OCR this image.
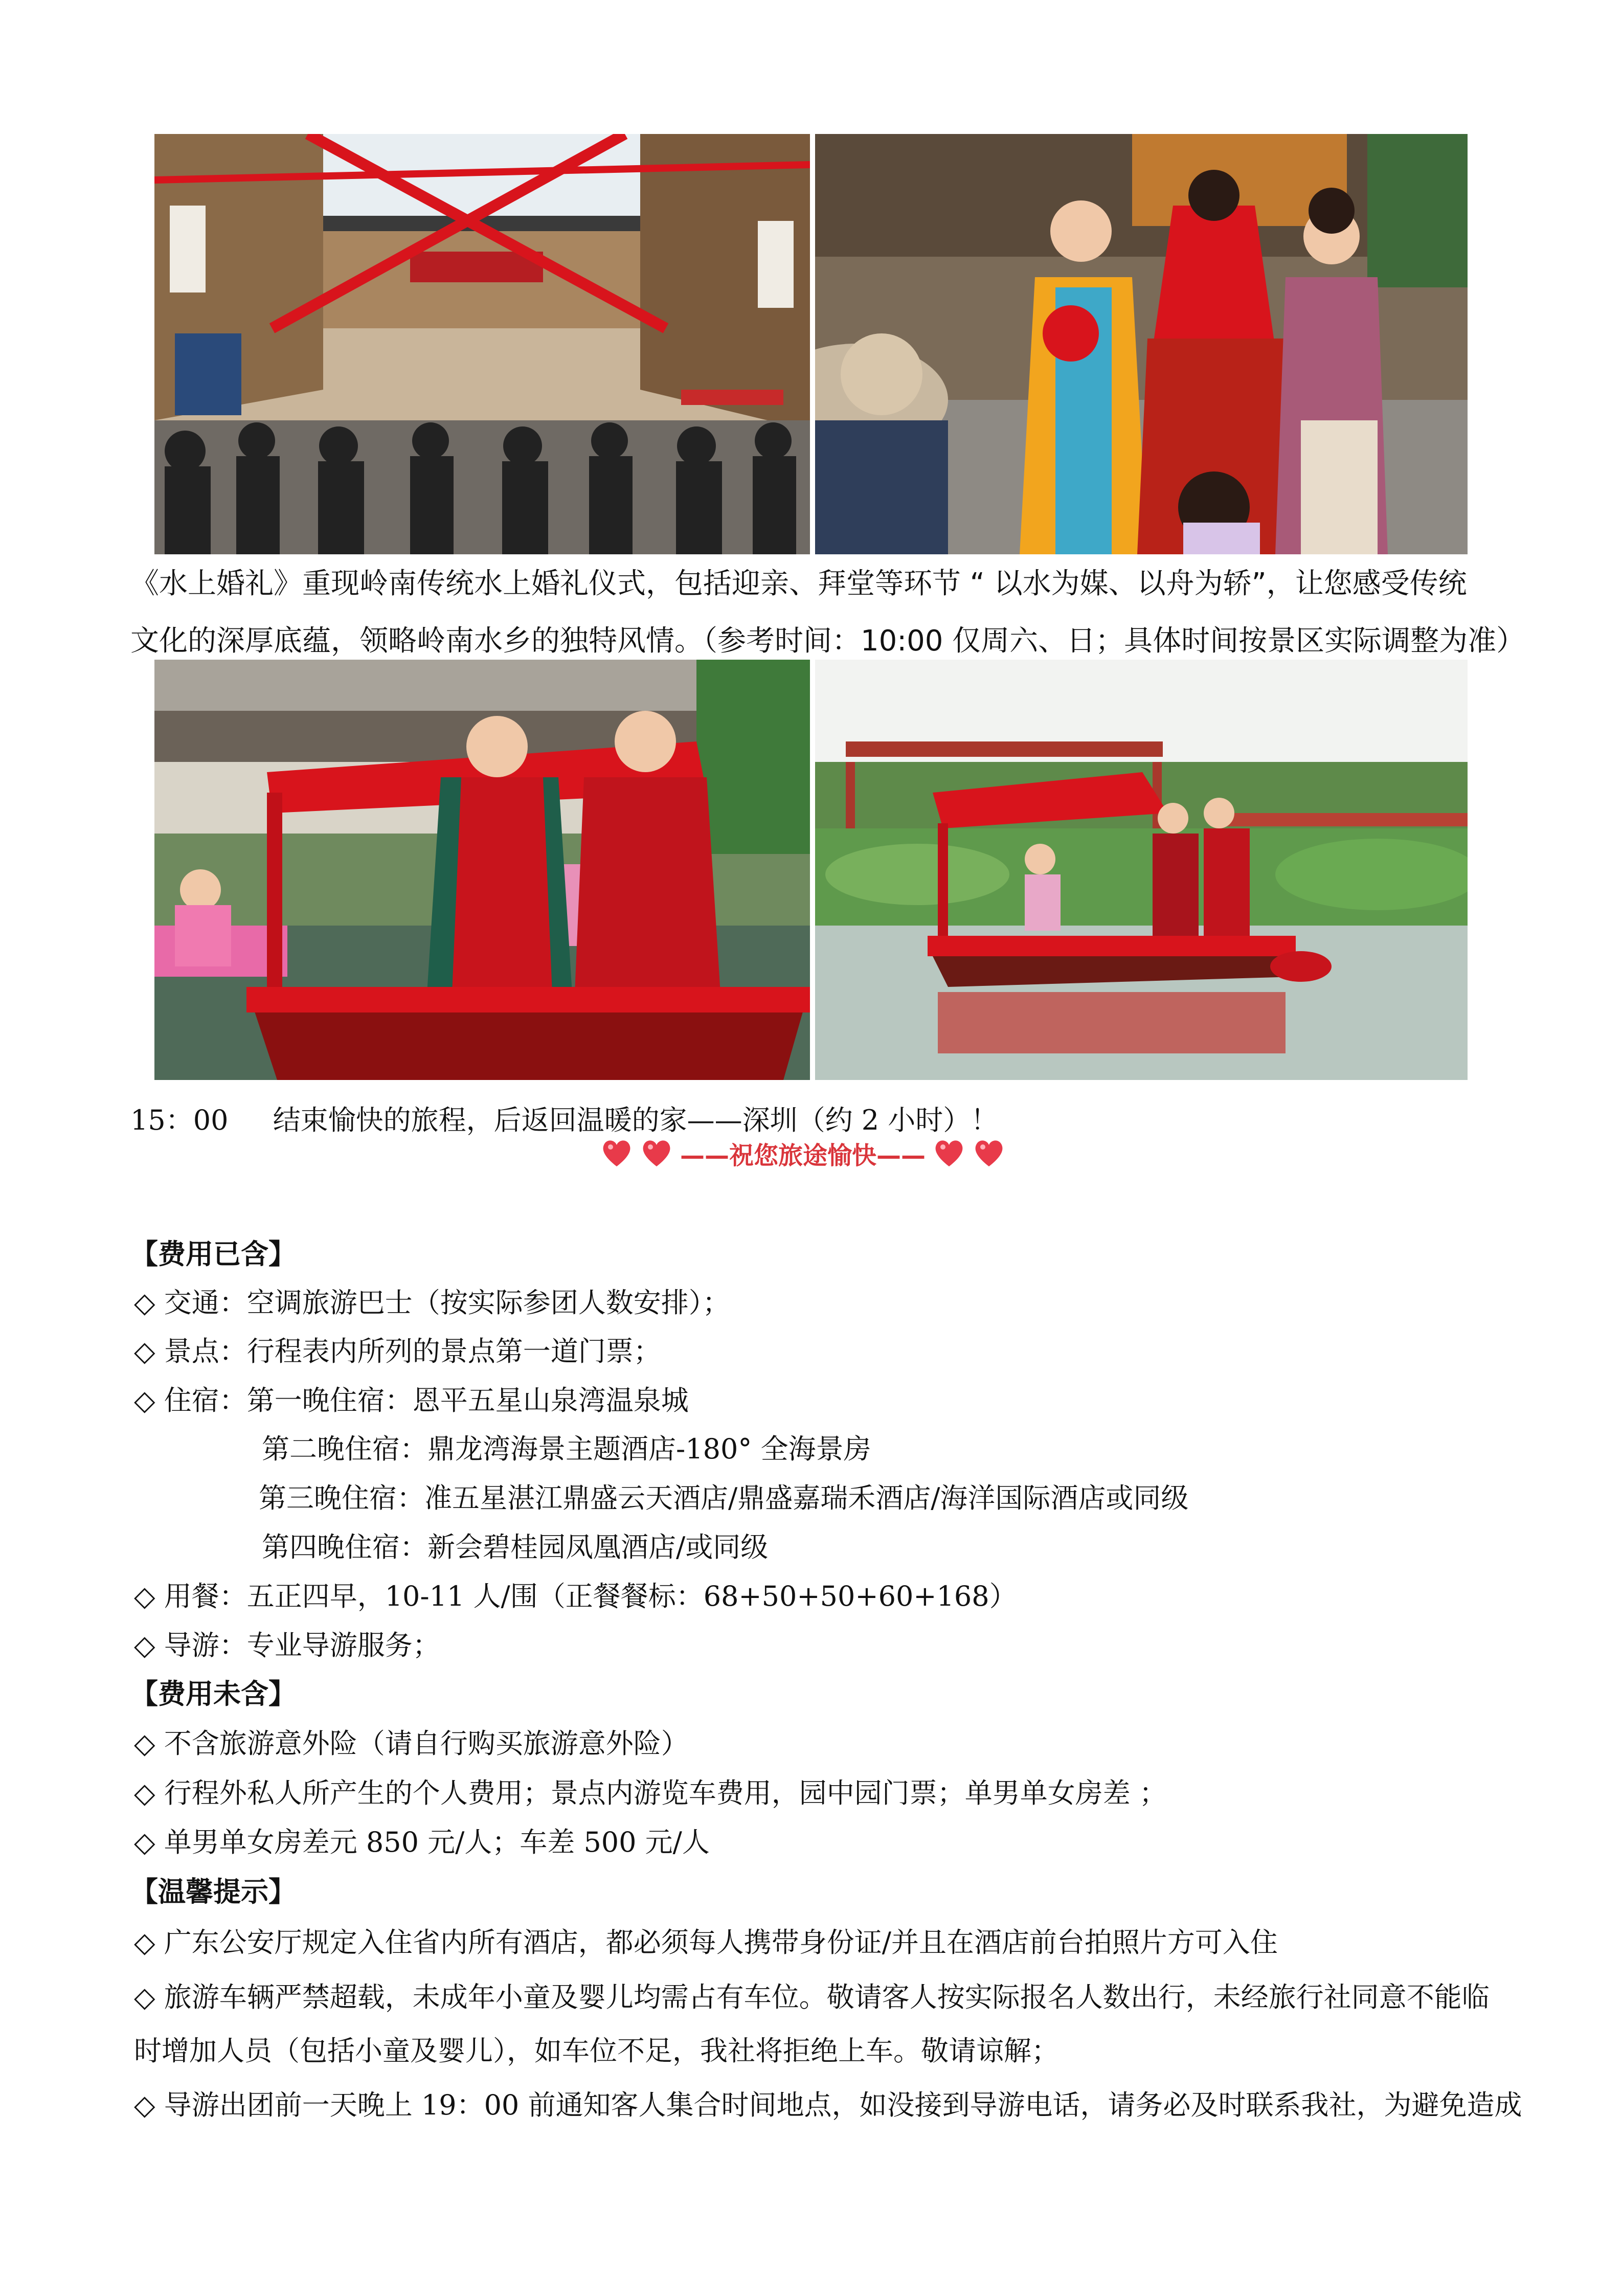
《水上婚礼》重现岭南传统水上婚礼仪式，包括迎亲、拜堂等环节 “ 以水为媒、以舟为轿”，让您感受传统
文化的深厚底蕴，领略岭南水乡的独特风情。（参考时间：10:00 仅周六、日；具体时间按景区实际调整为准）
15：00 结束愉快的旅程，后返回温暖的家——深圳（约 2 小时）！
——祝您旅途愉快——
【费用已含】
◇ 交通：空调旅游巴士（按实际参团人数安排）；
◇ 景点：行程表内所列的景点第一道门票；
◇ 住宿：第一晚住宿：恩平五星山泉湾温泉城
第二晚住宿：鼎龙湾海景主题酒店-180° 全海景房
第三晚住宿：准五星湛江鼎盛云天酒店/鼎盛嘉瑞禾酒店/海洋国际酒店或同级
第四晚住宿：新会碧桂园凤凰酒店/或同级
◇ 用餐：五正四早，10-11 人/围（正餐餐标：68+50+50+60+168）
◇ 导游：专业导游服务；
【费用未含】
◇ 不含旅游意外险（请自行购买旅游意外险）
◇ 行程外私人所产生的个人费用；景点内游览车费用，园中园门票；单男单女房差 ；
◇ 单男单女房差元 850 元/人；车差 500 元/人
【温馨提示】
◇ 广东公安厅规定入住省内所有酒店，都必须每人携带身份证/并且在酒店前台拍照片方可入住
◇ 旅游车辆严禁超载，未成年小童及婴儿均需占有车位。敬请客人按实际报名人数出行，未经旅行社同意不能临
时增加人员（包括小童及婴儿），如车位不足，我社将拒绝上车。敬请谅解；
◇ 导游出团前一天晚上 19：00 前通知客人集合时间地点，如没接到导游电话，请务必及时联系我社，为避免造成
